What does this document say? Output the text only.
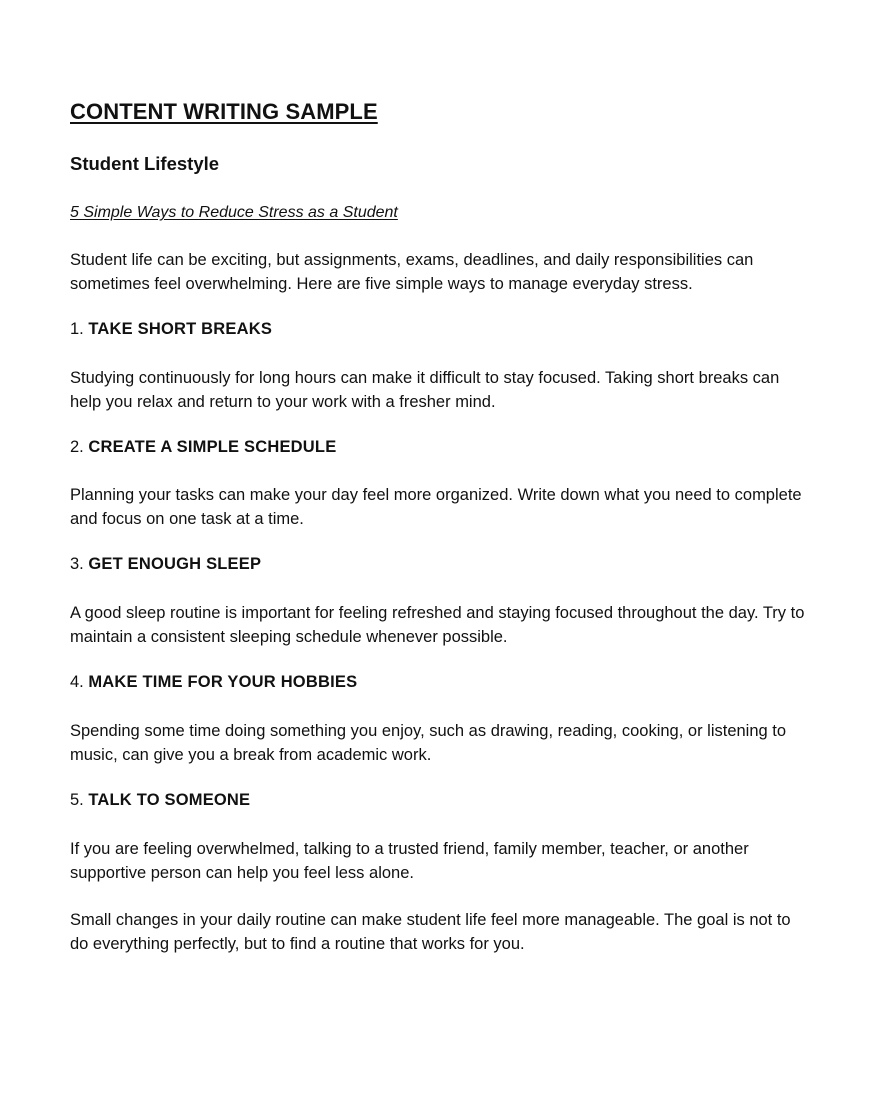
CONTENT WRITING SAMPLE
Student Lifestyle
5 Simple Ways to Reduce Stress as a Student

Student life can be exciting, but assignments, exams, deadlines, and daily responsibilities can sometimes feel overwhelming. Here are five simple ways to manage everyday stress.

1. TAKE SHORT BREAKS

Studying continuously for long hours can make it difficult to stay focused. Taking short breaks can help you relax and return to your work with a fresher mind.

2. CREATE A SIMPLE SCHEDULE

Planning your tasks can make your day feel more organized. Write down what you need to complete and focus on one task at a time.

3. GET ENOUGH SLEEP

A good sleep routine is important for feeling refreshed and staying focused throughout the day. Try to maintain a consistent sleeping schedule whenever possible.

4. MAKE TIME FOR YOUR HOBBIES

Spending some time doing something you enjoy, such as drawing, reading, cooking, or listening to music, can give you a break from academic work.

5. TALK TO SOMEONE

If you are feeling overwhelmed, talking to a trusted friend, family member, teacher, or another supportive person can help you feel less alone.

Small changes in your daily routine can make student life feel more manageable. The goal is not to do everything perfectly, but to find a routine that works for you.
